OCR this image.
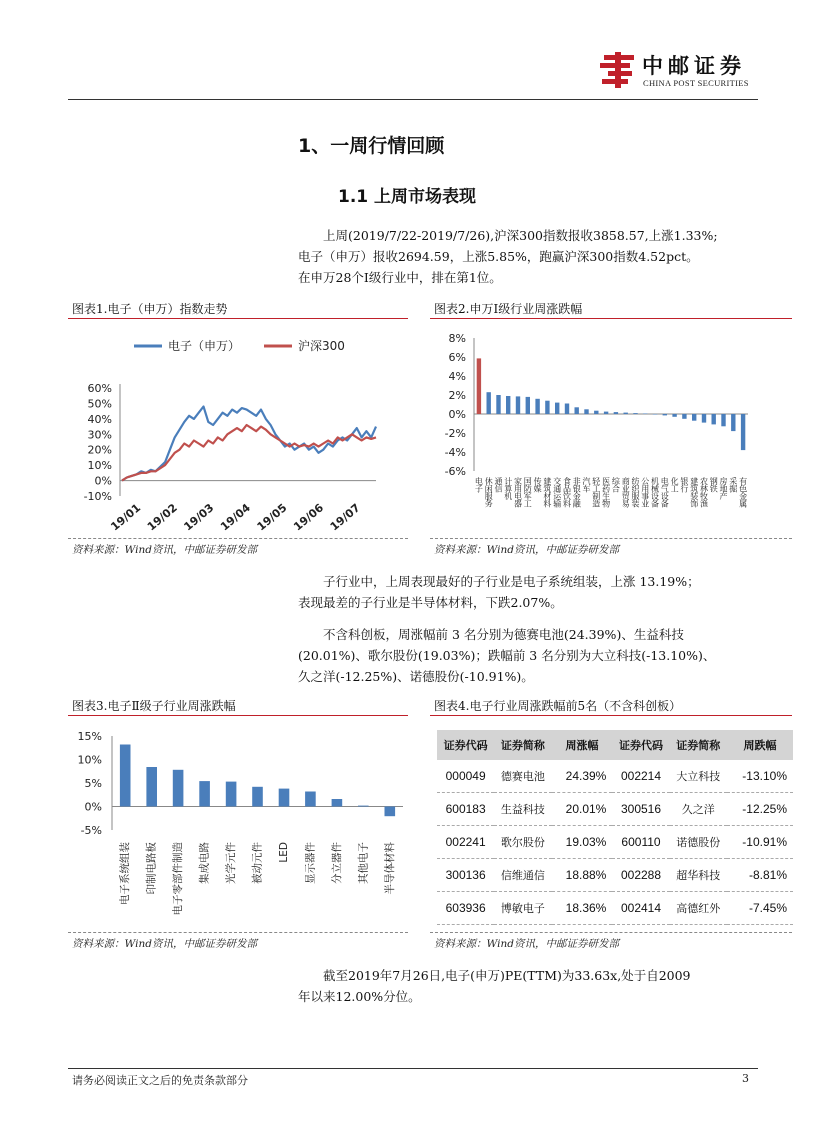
中邮证券
CHINA POST SECURITIES
1、一周行情回顾
1.1 上周市场表现
上周(2019/7/22-2019/7/26),沪深300指数报收3858.57,上涨1.33%;
电子（申万）报收2694.59，上涨5.85%，跑赢沪深300指数4.52pct。
在申万28个Ⅰ级行业中，排在第1位。
图表1.电子（申万）指数走势	图表2.申万Ⅰ级行业周涨跌幅
60%
50%
40%
30%
20%
10%
0%
-10%
19/01 19/02 19/03 19/04 19/05 19/06 19/07
电子（申万）	沪深300
8%
6%
4%
2%
0%
-2%
-4%
-6%
电子 休闲服务 通信 计算机 家用电器 国防军工 传媒 建筑材料 交通运输 食品饮料 非银金融 汽车 轻工制造 医药生物 综合 商业贸易 纺织服装 公用事业 机械设备 电气设备 化工 银行 建筑装饰 农林牧渔 钢铁 房地产 采掘 有色金属
资料来源：Wind资讯，中邮证券研发部	资料来源：Wind资讯，中邮证券研发部
子行业中，上周表现最好的子行业是电子系统组装，上涨 13.19%；
表现最差的子行业是半导体材料，下跌2.07%。
不含科创板，周涨幅前 3 名分别为德赛电池(24.39%)、生益科技
(20.01%)、歌尔股份(19.03%)；跌幅前 3 名分别为大立科技(-13.10%)、
久之洋(-12.25%)、诺德股份(-10.91%)。
图表3.电子Ⅱ级子行业周涨跌幅	图表4.电子行业周涨跌幅前5名（不含科创板）
15%
10%
5%
0%
-5%
电子系统组装 印制电路板 电子零部件制造 集成电路 光学元件 被动元件 LED 显示器件 分立器件 其他电子 半导体材料
证券代码	证券简称	周涨幅	证券代码	证券简称	周跌幅
000049	德赛电池	24.39%	002214	大立科技	-13.10%
600183	生益科技	20.01%	300516	久之洋	-12.25%
002241	歌尔股份	19.03%	600110	诺德股份	-10.91%
300136	信维通信	18.88%	002288	超华科技	-8.81%
603936	博敏电子	18.36%	002414	高德红外	-7.45%
资料来源：Wind资讯，中邮证券研发部	资料来源：Wind资讯，中邮证券研发部
截至2019年7月26日,电子(申万)PE(TTM)为33.63x,处于自2009
年以来12.00%分位。
请务必阅读正文之后的免责条款部分	3
